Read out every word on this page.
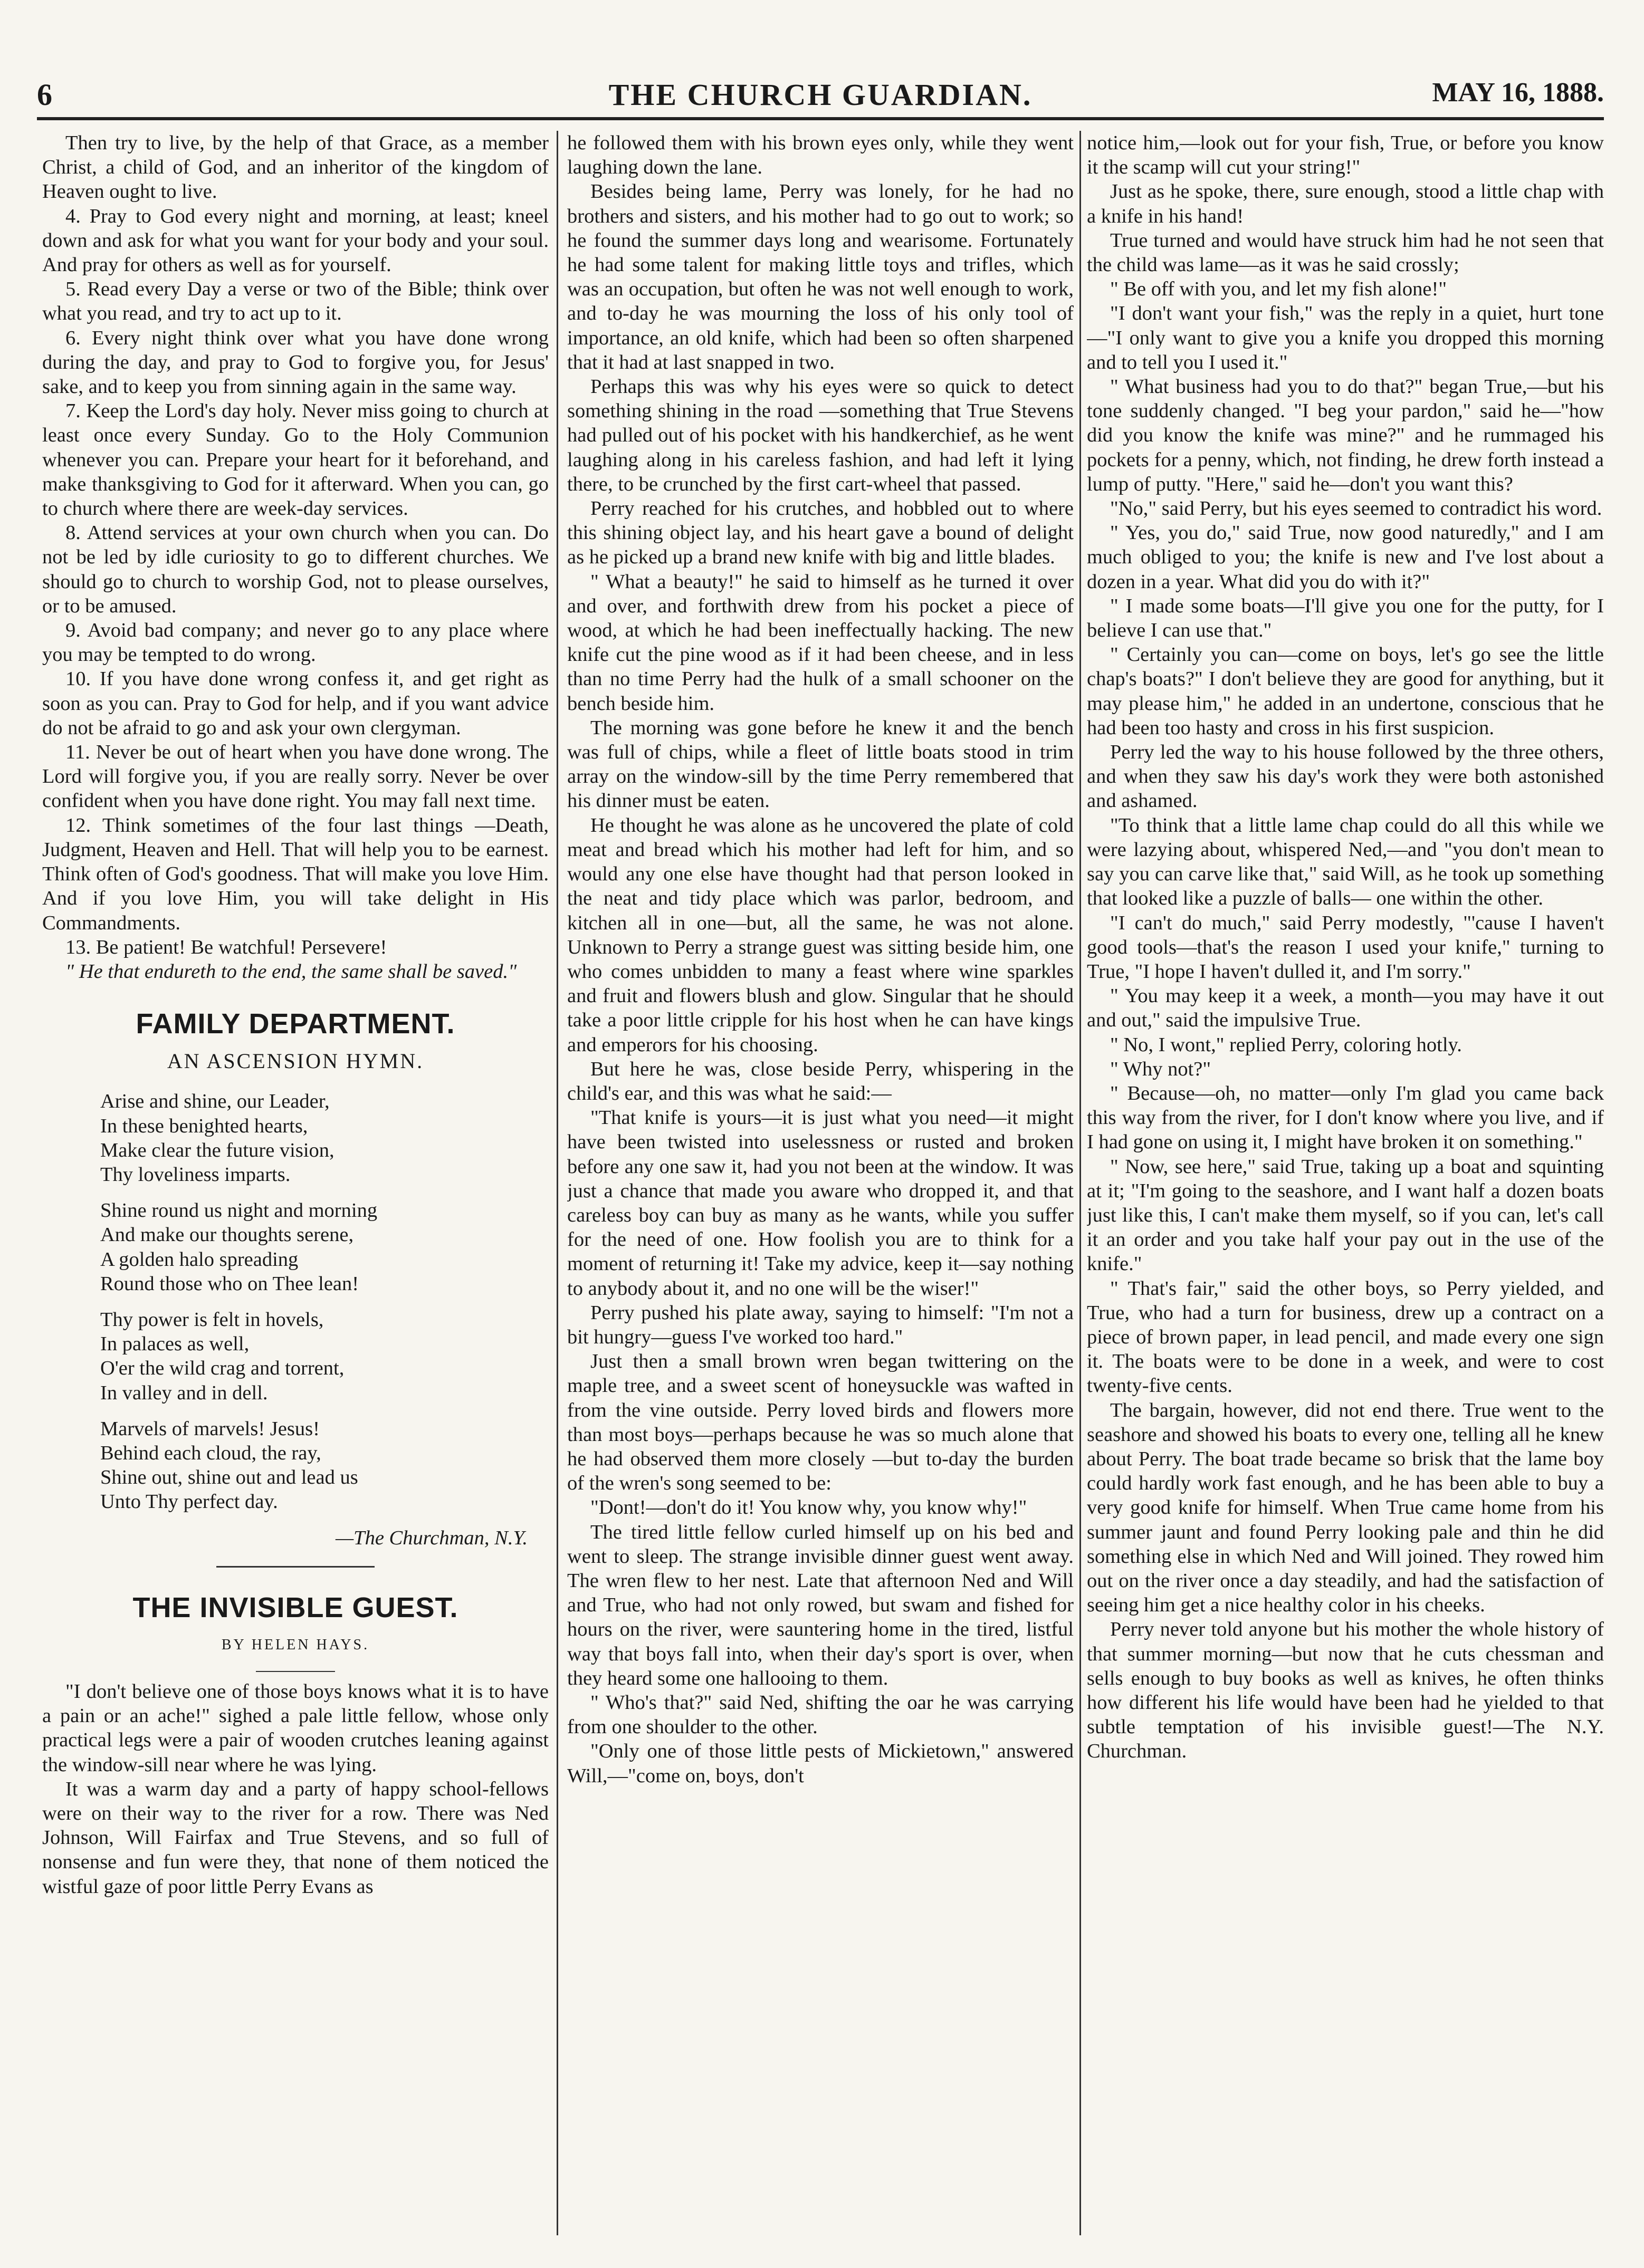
6	THE CHURCH GUARDIAN.	MAY 16, 1888.

Then try to live, by the help of that Grace, as a member Christ, a child of God, and an inheritor of the kingdom of Heaven ought to live.

4. Pray to God every night and morning, at least; kneel down and ask for what you want for your body and your soul. And pray for others as well as for yourself.

5. Read every Day a verse or two of the Bible; think over what you read, and try to act up to it.

6. Every night think over what you have done wrong during the day, and pray to God to forgive you, for Jesus' sake, and to keep you from sinning again in the same way.

7. Keep the Lord's day holy. Never miss going to church at least once every Sunday. Go to the Holy Communion whenever you can. Prepare your heart for it beforehand, and make thanksgiving to God for it afterward. When you can, go to church where there are week-day services.

8. Attend services at your own church when you can. Do not be led by idle curiosity to go to different churches. We should go to church to worship God, not to please ourselves, or to be amused.

9. Avoid bad company; and never go to any place where you may be tempted to do wrong.

10. If you have done wrong confess it, and get right as soon as you can. Pray to God for help, and if you want advice do not be afraid to go and ask your own clergyman.

11. Never be out of heart when you have done wrong. The Lord will forgive you, if you are really sorry. Never be over confident when you have done right. You may fall next time.

12. Think sometimes of the four last things —Death, Judgment, Heaven and Hell. That will help you to be earnest. Think often of God's goodness. That will make you love Him. And if you love Him, you will take delight in His Commandments.

13. Be patient! Be watchful! Persevere!

" He that endureth to the end, the same shall be saved."

FAMILY DEPARTMENT.
AN ASCENSION HYMN.
Arise and shine, our Leader,
In these benighted hearts,
Make clear the future vision,
Thy loveliness imparts.
Shine round us night and morning
And make our thoughts serene,
A golden halo spreading
Round those who on Thee lean!
Thy power is felt in hovels,
In palaces as well,
O'er the wild crag and torrent,
In valley and in dell.
Marvels of marvels! Jesus!
Behind each cloud, the ray,
Shine out, shine out and lead us
Unto Thy perfect day.

—The Churchman, N.Y.

THE INVISIBLE GUEST.
BY HELEN HAYS.

"I don't believe one of those boys knows what it is to have a pain or an ache!" sighed a pale little fellow, whose only practical legs were a pair of wooden crutches leaning against the window-sill near where he was lying.

It was a warm day and a party of happy school-fellows were on their way to the river for a row. There was Ned Johnson, Will Fairfax and True Stevens, and so full of nonsense and fun were they, that none of them noticed the wistful gaze of poor little Perry Evans as

he followed them with his brown eyes only, while they went laughing down the lane.

Besides being lame, Perry was lonely, for he had no brothers and sisters, and his mother had to go out to work; so he found the summer days long and wearisome. Fortunately he had some talent for making little toys and trifles, which was an occupation, but often he was not well enough to work, and to-day he was mourning the loss of his only tool of importance, an old knife, which had been so often sharpened that it had at last snapped in two.

Perhaps this was why his eyes were so quick to detect something shining in the road —something that True Stevens had pulled out of his pocket with his handkerchief, as he went laughing along in his careless fashion, and had left it lying there, to be crunched by the first cart-wheel that passed.

Perry reached for his crutches, and hobbled out to where this shining object lay, and his heart gave a bound of delight as he picked up a brand new knife with big and little blades.

" What a beauty!" he said to himself as he turned it over and over, and forthwith drew from his pocket a piece of wood, at which he had been ineffectually hacking. The new knife cut the pine wood as if it had been cheese, and in less than no time Perry had the hulk of a small schooner on the bench beside him.

The morning was gone before he knew it and the bench was full of chips, while a fleet of little boats stood in trim array on the window-sill by the time Perry remembered that his dinner must be eaten.

He thought he was alone as he uncovered the plate of cold meat and bread which his mother had left for him, and so would any one else have thought had that person looked in the neat and tidy place which was parlor, bedroom, and kitchen all in one—but, all the same, he was not alone. Unknown to Perry a strange guest was sitting beside him, one who comes unbidden to many a feast where wine sparkles and fruit and flowers blush and glow. Singular that he should take a poor little cripple for his host when he can have kings and emperors for his choosing.

But here he was, close beside Perry, whispering in the child's ear, and this was what he said:—

"That knife is yours—it is just what you need—it might have been twisted into uselessness or rusted and broken before any one saw it, had you not been at the window. It was just a chance that made you aware who dropped it, and that careless boy can buy as many as he wants, while you suffer for the need of one. How foolish you are to think for a moment of returning it! Take my advice, keep it—say nothing to anybody about it, and no one will be the wiser!"

Perry pushed his plate away, saying to himself: "I'm not a bit hungry—guess I've worked too hard."

Just then a small brown wren began twittering on the maple tree, and a sweet scent of honeysuckle was wafted in from the vine outside. Perry loved birds and flowers more than most boys—perhaps because he was so much alone that he had observed them more closely —but to-day the burden of the wren's song seemed to be:

"Dont!—don't do it! You know why, you know why!"

The tired little fellow curled himself up on his bed and went to sleep. The strange invisible dinner guest went away. The wren flew to her nest. Late that afternoon Ned and Will and True, who had not only rowed, but swam and fished for hours on the river, were sauntering home in the tired, listful way that boys fall into, when their day's sport is over, when they heard some one hallooing to them.

" Who's that?" said Ned, shifting the oar he was carrying from one shoulder to the other.

"Only one of those little pests of Mickietown," answered Will,—"come on, boys, don't

notice him,—look out for your fish, True, or before you know it the scamp will cut your string!"

Just as he spoke, there, sure enough, stood a little chap with a knife in his hand!

True turned and would have struck him had he not seen that the child was lame—as it was he said crossly;

" Be off with you, and let my fish alone!"

"I don't want your fish," was the reply in a quiet, hurt tone—"I only want to give you a knife you dropped this morning and to tell you I used it."

" What business had you to do that?" began True,—but his tone suddenly changed. "I beg your pardon," said he—"how did you know the knife was mine?" and he rummaged his pockets for a penny, which, not finding, he drew forth instead a lump of putty. "Here," said he—don't you want this?

"No," said Perry, but his eyes seemed to contradict his word.

" Yes, you do," said True, now good naturedly," and I am much obliged to you; the knife is new and I've lost about a dozen in a year. What did you do with it?"

" I made some boats—I'll give you one for the putty, for I believe I can use that."

" Certainly you can—come on boys, let's go see the little chap's boats?" I don't believe they are good for anything, but it may please him," he added in an undertone, conscious that he had been too hasty and cross in his first suspicion.

Perry led the way to his house followed by the three others, and when they saw his day's work they were both astonished and ashamed.

"To think that a little lame chap could do all this while we were lazying about, whispered Ned,—and "you don't mean to say you can carve like that," said Will, as he took up something that looked like a puzzle of balls— one within the other.

"I can't do much," said Perry modestly, "'cause I haven't good tools—that's the reason I used your knife," turning to True, "I hope I haven't dulled it, and I'm sorry."

" You may keep it a week, a month—you may have it out and out," said the impulsive True.

" No, I wont," replied Perry, coloring hotly.

" Why not?"

" Because—oh, no matter—only I'm glad you came back this way from the river, for I don't know where you live, and if I had gone on using it, I might have broken it on something."

" Now, see here," said True, taking up a boat and squinting at it; "I'm going to the seashore, and I want half a dozen boats just like this, I can't make them myself, so if you can, let's call it an order and you take half your pay out in the use of the knife."

" That's fair," said the other boys, so Perry yielded, and True, who had a turn for business, drew up a contract on a piece of brown paper, in lead pencil, and made every one sign it. The boats were to be done in a week, and were to cost twenty-five cents.

The bargain, however, did not end there. True went to the seashore and showed his boats to every one, telling all he knew about Perry. The boat trade became so brisk that the lame boy could hardly work fast enough, and he has been able to buy a very good knife for himself. When True came home from his summer jaunt and found Perry looking pale and thin he did something else in which Ned and Will joined. They rowed him out on the river once a day steadily, and had the satisfaction of seeing him get a nice healthy color in his cheeks.

Perry never told anyone but his mother the whole history of that summer morning—but now that he cuts chessman and sells enough to buy books as well as knives, he often thinks how different his life would have been had he yielded to that subtle temptation of his invisible guest!—The N.Y. Churchman.
